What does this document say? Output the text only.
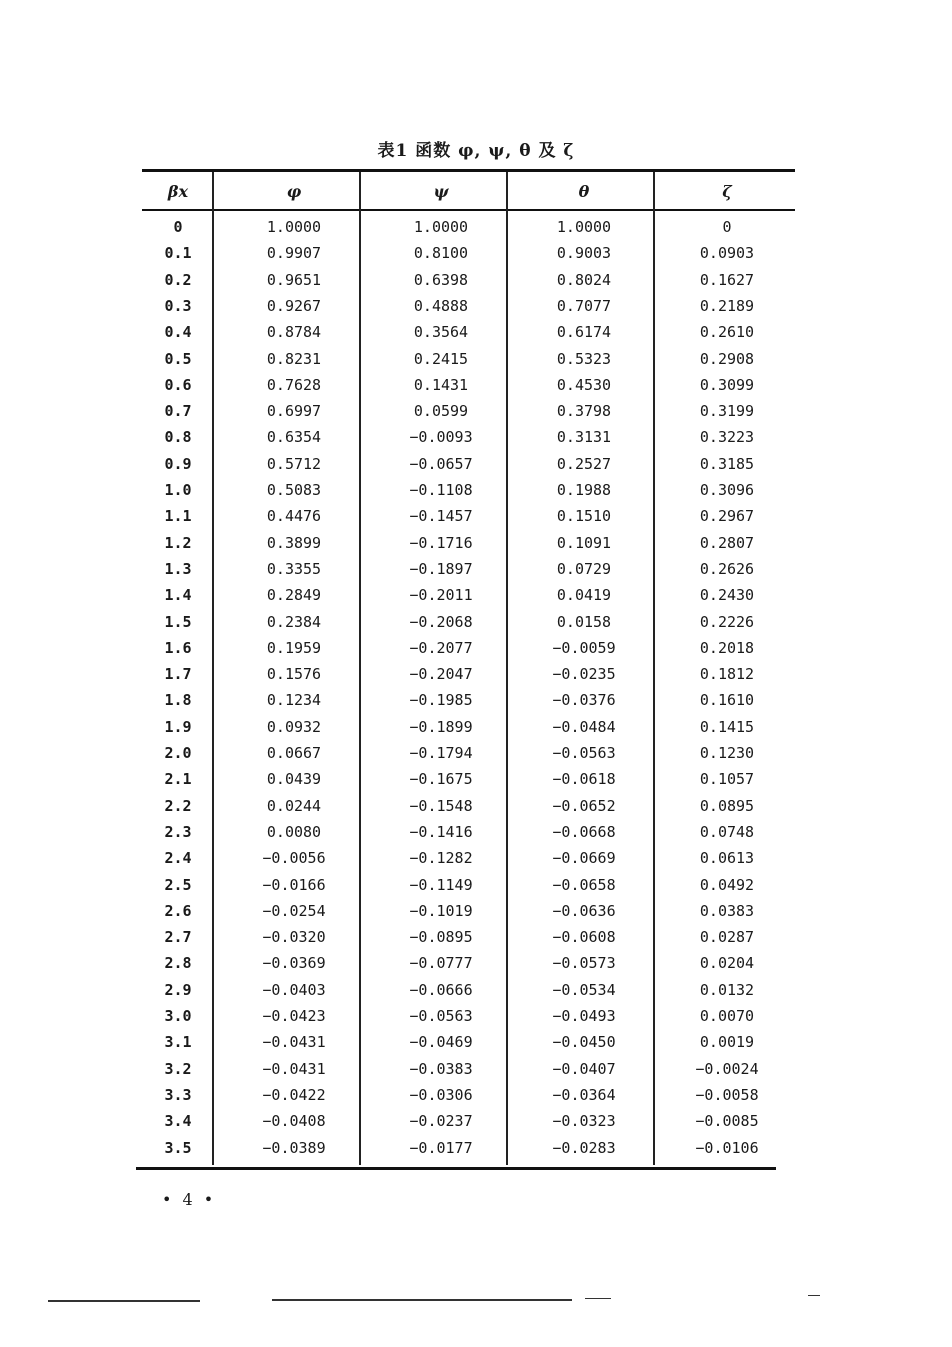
表1 函数 φ, ψ, θ 及 ζ
βx	φ	ψ	θ	ζ
0	1.0000	1.0000	1.0000	0
0.1	0.9907	0.8100	0.9003	0.0903
0.2	0.9651	0.6398	0.8024	0.1627
0.3	0.9267	0.4888	0.7077	0.2189
0.4	0.8784	0.3564	0.6174	0.2610
0.5	0.8231	0.2415	0.5323	0.2908
0.6	0.7628	0.1431	0.4530	0.3099
0.7	0.6997	0.0599	0.3798	0.3199
0.8	0.6354	−0.0093	0.3131	0.3223
0.9	0.5712	−0.0657	0.2527	0.3185
1.0	0.5083	−0.1108	0.1988	0.3096
1.1	0.4476	−0.1457	0.1510	0.2967
1.2	0.3899	−0.1716	0.1091	0.2807
1.3	0.3355	−0.1897	0.0729	0.2626
1.4	0.2849	−0.2011	0.0419	0.2430
1.5	0.2384	−0.2068	0.0158	0.2226
1.6	0.1959	−0.2077	−0.0059	0.2018
1.7	0.1576	−0.2047	−0.0235	0.1812
1.8	0.1234	−0.1985	−0.0376	0.1610
1.9	0.0932	−0.1899	−0.0484	0.1415
2.0	0.0667	−0.1794	−0.0563	0.1230
2.1	0.0439	−0.1675	−0.0618	0.1057
2.2	0.0244	−0.1548	−0.0652	0.0895
2.3	0.0080	−0.1416	−0.0668	0.0748
2.4	−0.0056	−0.1282	−0.0669	0.0613
2.5	−0.0166	−0.1149	−0.0658	0.0492
2.6	−0.0254	−0.1019	−0.0636	0.0383
2.7	−0.0320	−0.0895	−0.0608	0.0287
2.8	−0.0369	−0.0777	−0.0573	0.0204
2.9	−0.0403	−0.0666	−0.0534	0.0132
3.0	−0.0423	−0.0563	−0.0493	0.0070
3.1	−0.0431	−0.0469	−0.0450	0.0019
3.2	−0.0431	−0.0383	−0.0407	−0.0024
3.3	−0.0422	−0.0306	−0.0364	−0.0058
3.4	−0.0408	−0.0237	−0.0323	−0.0085
3.5	−0.0389	−0.0177	−0.0283	−0.0106
• 4 •
